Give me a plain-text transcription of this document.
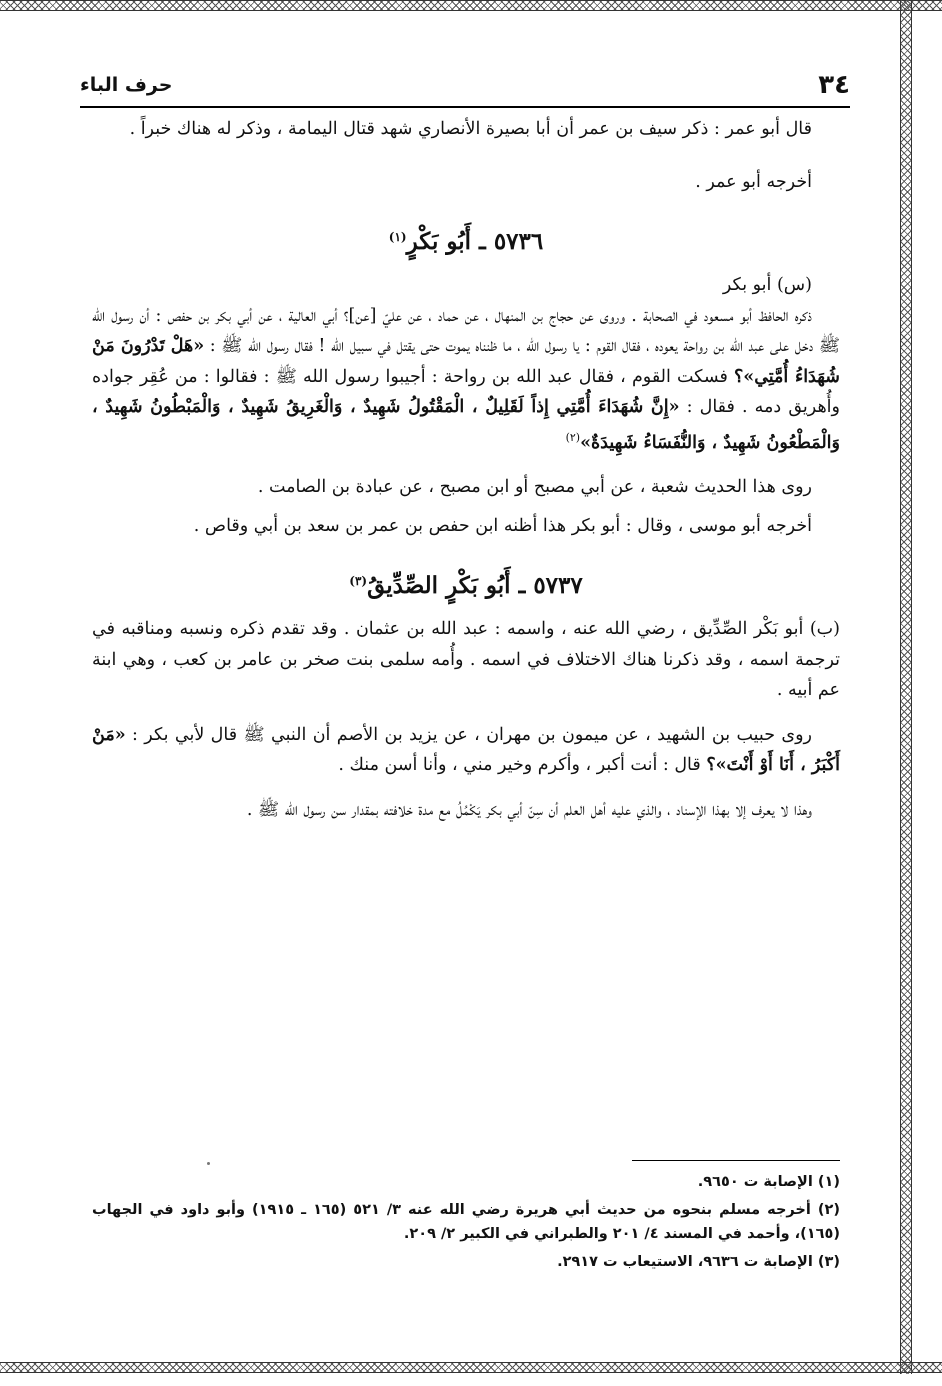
٣٤
حرف الباء

قال أبو عمر : ذكر سيف بن عمر أن أبا بصيرة الأنصاري شهد قتال اليمامة ، وذكر له هناك خبراً .

أخرجه أبو عمر .

٥٧٣٦ ـ أَبُو بَكْرٍ$^{(١)}$

(س) أبو بكر

ذكره الحافظ أبو مسعود في الصحابة . وروى عن حجاج بن المنهال ، عن حماد ، عن عليّ [عن]؟ أبي العالية ، عن أبي بكر بن حفص : أن رسول الله ﷺ دخل على عبد الله بن رواحة يعوده ، فقال القوم : يا رسول الله ، ما ظنناه يموت حتى يقتل في سبيل الله ! فقال رسول الله ﷺ : «هَلْ تَدْرُونَ مَنْ شُهَدَاءُ أُمَّتِي»؟ فسكت القوم ، فقال عبد الله بن رواحة : أجيبوا رسول الله ﷺ : فقالوا : من عُقِر جواده وأُهريق دمه . فقال : «إِنَّ شُهَدَاءَ أُمَّتِي إِذاً لَقَلِيلٌ ، الْمَقْتُولُ شَهِيدٌ ، وَالْغَرِيقُ شَهِيدٌ ، وَالْمَبْطُونُ شَهِيدٌ ، وَالْمَطْعُونُ شَهِيدٌ ، وَالنُّفَسَاءُ شَهِيدَةٌ»$^{(٢)}$

روى هذا الحديث شعبة ، عن أبي مصبح أو ابن مصبح ، عن عبادة بن الصامت .

أخرجه أبو موسى ، وقال : أبو بكر هذا أظنه ابن حفص بن عمر بن سعد بن أبي وقاص .

٥٧٣٧ ـ أَبُو بَكْرٍ الصِّدِّيقُ$^{(٣)}$

(ب) أبو بَكْر الصِّدِّيق ، رضي الله عنه ، واسمه : عبد الله بن عثمان . وقد تقدم ذكره ونسبه ومناقبه في ترجمة اسمه ، وقد ذكرنا هناك الاختلاف في اسمه . وأُمه سلمى بنت صخر بن عامر بن كعب ، وهي ابنة عم أبيه .

روى حبيب بن الشهيد ، عن ميمون بن مهران ، عن يزيد بن الأصم أن النبي ﷺ قال لأبي بكر : «مَنْ أَكْبَرُ ، أَنَا أَوْ أَنْتَ»؟ قال : أنت أكبر ، وأكرم وخير مني ، وأنا أسن منك .

وهذا لا يعرف إلا بهذا الإسناد ، والذي عليه أهل العلم أن سِنّ أبي بكر يَكْمُلُ مع مدة خلافته بمقدار سن رسول الله ﷺ .

(١) الإصابة ت ٩٦٥٠.

(٢) أخرجه مسلم بنحوه من حديث أبي هريرة رضي الله عنه ٣/ ٥٢١ (١٦٥ ـ ١٩١٥) وأبو داود في الجهاب (١٦٥)، وأحمد في المسند ٤/ ٢٠١ والطبراني في الكبير ٢/ ٢٠٩.

(٣) الإصابة ت ٩٦٣٦، الاستيعاب ت ٢٩١٧.
